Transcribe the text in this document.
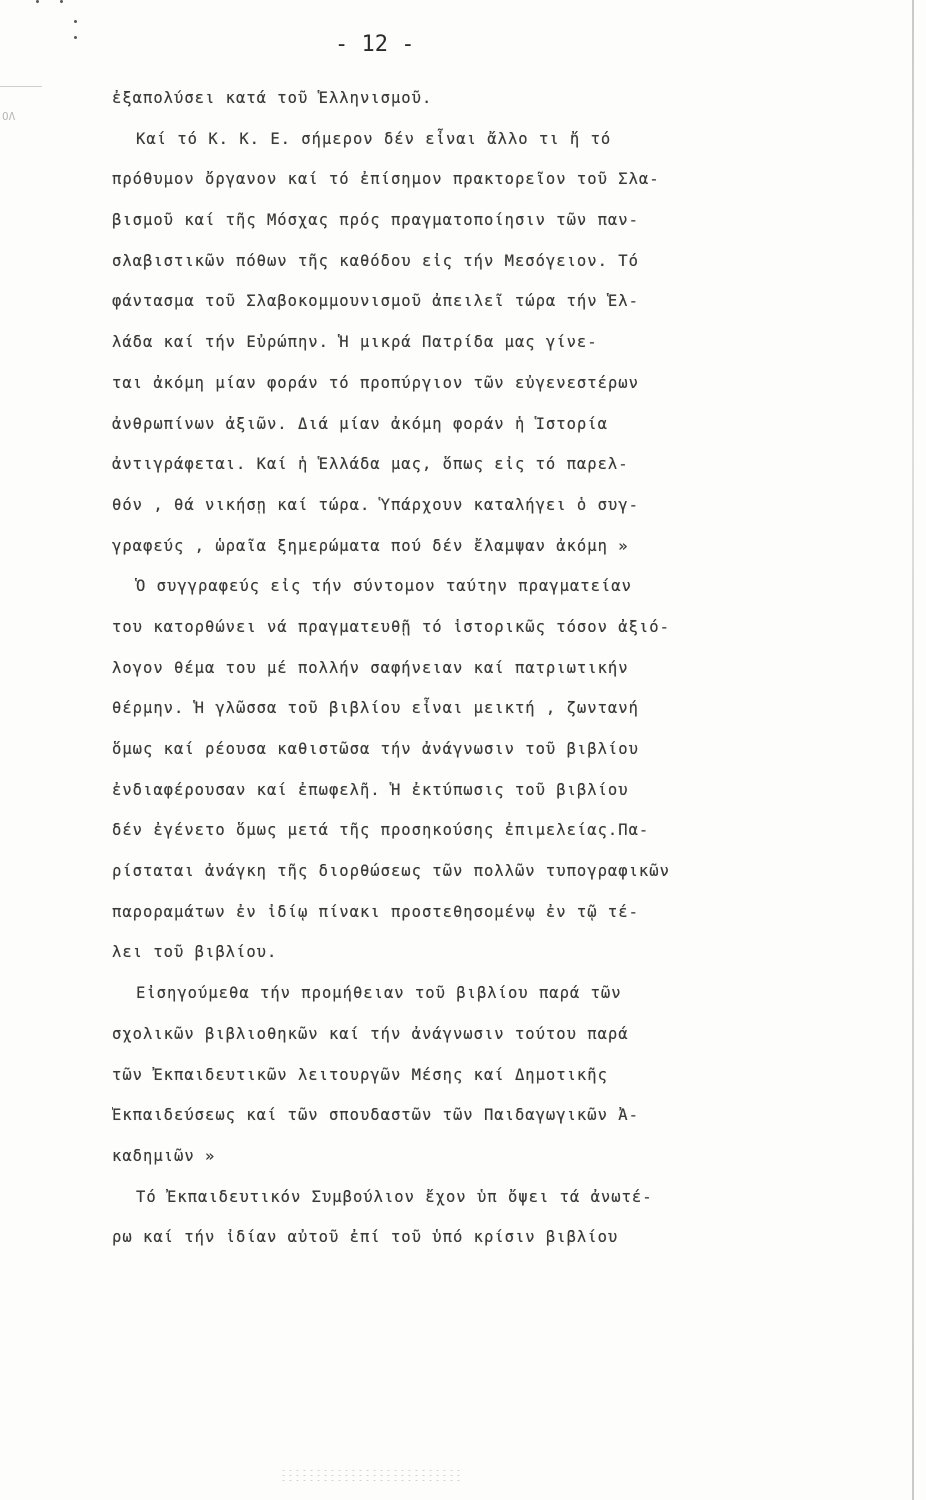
ΟΛ
- 12 -
ἐξαπολύσει κατά τοῦ Ἑλληνισμοῦ.
Καί τό Κ. Κ. Ε. σήμερον δέν εἶναι ἄλλο τι ἤ τό
πρόθυμον ὄργανον καί τό ἐπίσημον πρακτορεῖον τοῦ Σλα-
βισμοῦ καί τῆς Μόσχας πρός πραγματοποίησιν τῶν παν-
σλαβιστικῶν πόθων τῆς καθόδου εἰς τήν Μεσόγειον. Τό
φάντασμα τοῦ Σλαβοκομμουνισμοῦ ἀπειλεῖ τώρα τήν Ἑλ-
λάδα καί τήν Εὐρώπην. Ἡ μικρά Πατρίδα μας γίνε-
ται ἀκόμη μίαν φοράν τό προπύργιον τῶν εὐγενεστέρων
ἀνθρωπίνων ἀξιῶν. Διά μίαν ἀκόμη φοράν ἡ Ἱστορία
ἀντιγράφεται. Καί ἡ Ἑλλάδα μας, ὅπως εἰς τό παρελ-
θόν , θά νικήσῃ καί τώρα. Ὑπάρχουν καταλήγει ὁ συγ-
γραφεύς , ὡραῖα ξημερώματα πού δέν ἔλαμψαν ἀκόμη »
Ὁ συγγραφεύς εἰς τήν σύντομον ταύτην πραγματείαν
του κατορθώνει νά πραγματευθῇ τό ἱστορικῶς τόσον ἀξιό-
λογον θέμα του μέ πολλήν σαφήνειαν καί πατριωτικήν
θέρμην. Ἡ γλῶσσα τοῦ βιβλίου εἶναι μεικτή , ζωντανή
ὅμως καί ρέουσα καθιστῶσα τήν ἀνάγνωσιν τοῦ βιβλίου
ἐνδιαφέρουσαν καί ἐπωφελῆ. Ἡ ἐκτύπωσις τοῦ βιβλίου
δέν ἐγένετο ὅμως μετά τῆς προσηκούσης ἐπιμελείας.Πα-
ρίσταται ἀνάγκη τῆς διορθώσεως τῶν πολλῶν τυπογραφικῶν
παροραμάτων ἐν ἰδίῳ πίνακι προστεθησομένῳ ἐν τῷ τέ-
λει τοῦ βιβλίου.
Εἰσηγούμεθα τήν προμήθειαν τοῦ βιβλίου παρά τῶν
σχολικῶν βιβλιοθηκῶν καί τήν ἀνάγνωσιν τούτου παρά
τῶν Ἐκπαιδευτικῶν λειτουργῶν Μέσης καί Δημοτικῆς
Ἐκπαιδεύσεως καί τῶν σπουδαστῶν τῶν Παιδαγωγικῶν Ἀ-
καδημιῶν »
Τό Ἐκπαιδευτικόν Συμβούλιον ἔχον ὑπ ὄψει τά ἀνωτέ-
ρω καί τήν ἰδίαν αὐτοῦ ἐπί τοῦ ὑπό κρίσιν βιβλίου
